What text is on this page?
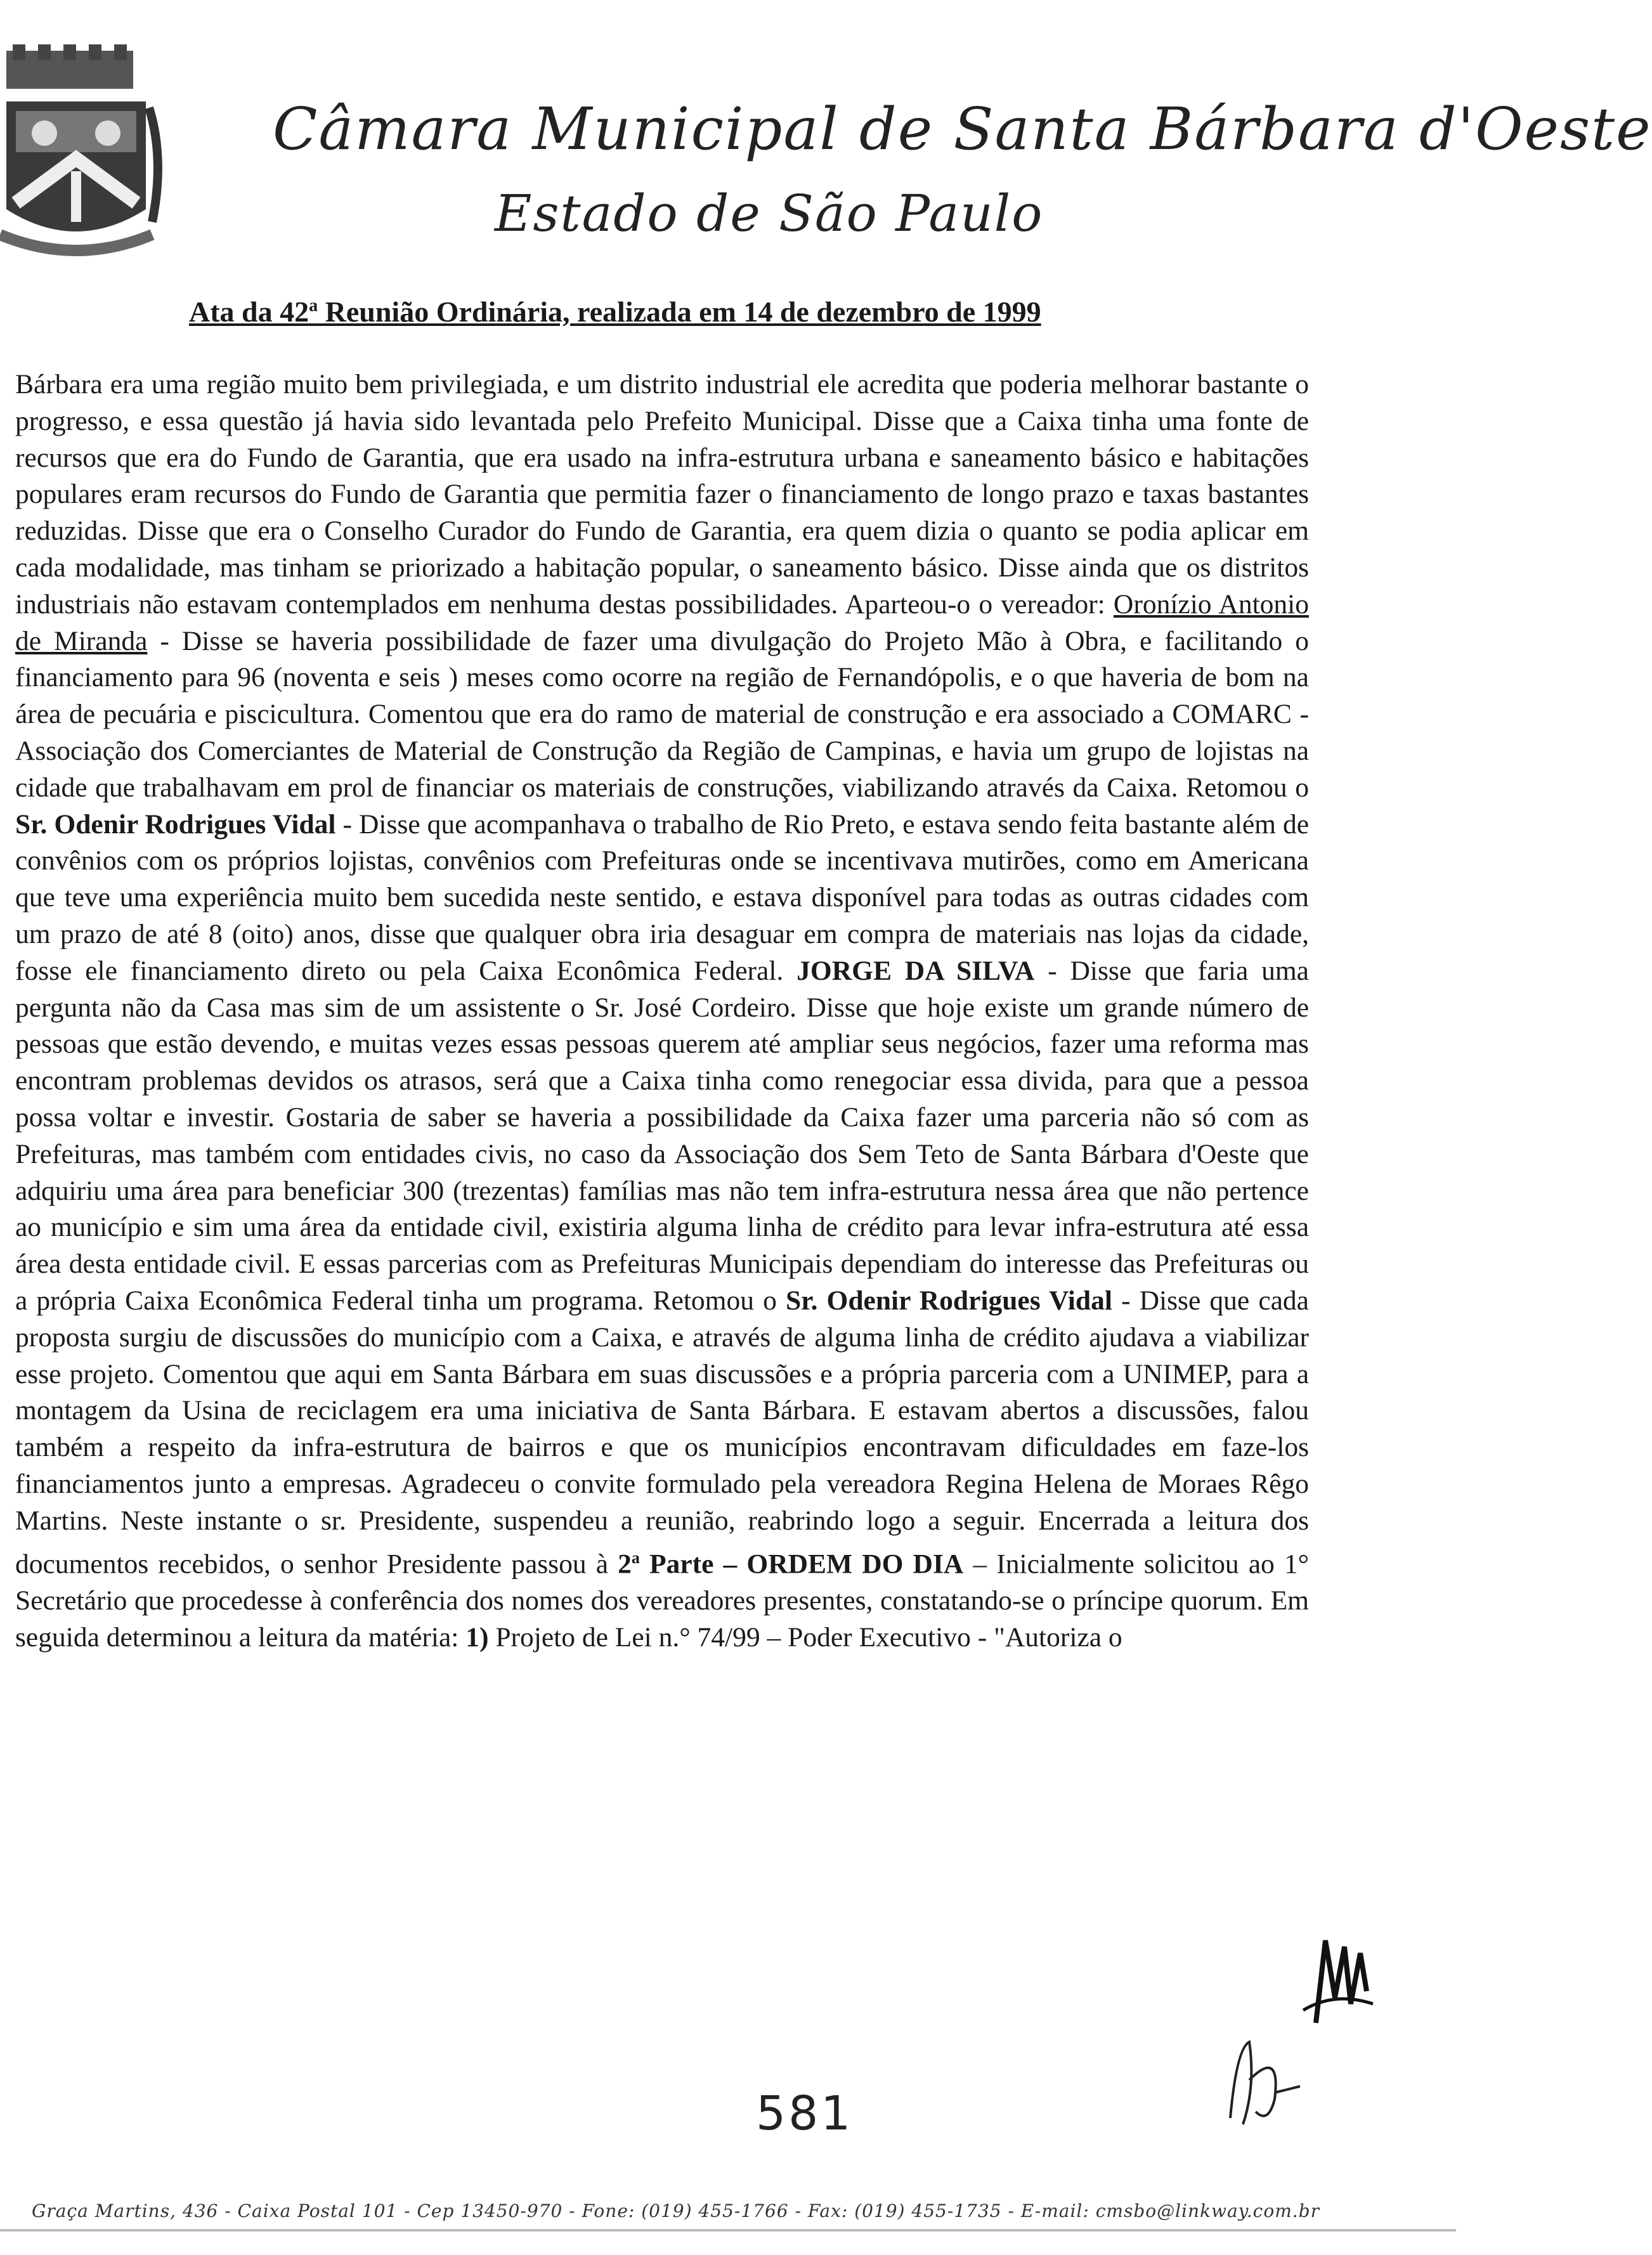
Câmara Municipal de Santa Bárbara d'Oeste
Estado de São Paulo
Ata da 42$^a$ Reunião Ordinária, realizada em 14 de dezembro de 1999

Bárbara era uma região muito bem privilegiada, e um distrito industrial ele acredita que poderia melhorar bastante o progresso, e essa questão já havia sido levantada pelo Prefeito Municipal. Disse que a Caixa tinha uma fonte de recursos que era do Fundo de Garantia, que era usado na infra-estrutura urbana e saneamento básico e habitações populares eram recursos do Fundo de Garantia que permitia fazer o financiamento de longo prazo e taxas bastantes reduzidas. Disse que era o Conselho Curador do Fundo de Garantia, era quem dizia o quanto se podia aplicar em cada modalidade, mas tinham se priorizado a habitação popular, o saneamento básico. Disse ainda que os distritos industriais não estavam contemplados em nenhuma destas possibilidades. Aparteou-o o vereador: Oronízio Antonio de Miranda - Disse se haveria possibilidade de fazer uma divulgação do Projeto Mão à Obra, e facilitando o financiamento para 96 (noventa e seis ) meses como ocorre na região de Fernandópolis, e o que haveria de bom na área de pecuária e piscicultura. Comentou que era do ramo de material de construção e era associado a COMARC - Associação dos Comerciantes de Material de Construção da Região de Campinas, e havia um grupo de lojistas na cidade que trabalhavam em prol de financiar os materiais de construções, viabilizando através da Caixa. Retomou o Sr. Odenir Rodrigues Vidal - Disse que acompanhava o trabalho de Rio Preto, e estava sendo feita bastante além de convênios com os próprios lojistas, convênios com Prefeituras onde se incentivava mutirões, como em Americana que teve uma experiência muito bem sucedida neste sentido, e estava disponível para todas as outras cidades com um prazo de até 8 (oito) anos, disse que qualquer obra iria desaguar em compra de materiais nas lojas da cidade, fosse ele financiamento direto ou pela Caixa Econômica Federal. JORGE DA SILVA - Disse que faria uma pergunta não da Casa mas sim de um assistente o Sr. José Cordeiro. Disse que hoje existe um grande número de pessoas que estão devendo, e muitas vezes essas pessoas querem até ampliar seus negócios, fazer uma reforma mas encontram problemas devidos os atrasos, será que a Caixa tinha como renegociar essa divida, para que a pessoa possa voltar e investir. Gostaria de saber se haveria a possibilidade da Caixa fazer uma parceria não só com as Prefeituras, mas também com entidades civis, no caso da Associação dos Sem Teto de Santa Bárbara d'Oeste que adquiriu uma área para beneficiar 300 (trezentas) famílias mas não tem infra-estrutura nessa área que não pertence ao município e sim uma área da entidade civil, existiria alguma linha de crédito para levar infra-estrutura até essa área desta entidade civil. E essas parcerias com as Prefeituras Municipais dependiam do interesse das Prefeituras ou a própria Caixa Econômica Federal tinha um programa. Retomou o Sr. Odenir Rodrigues Vidal - Disse que cada proposta surgiu de discussões do município com a Caixa, e através de alguma linha de crédito ajudava a viabilizar esse projeto. Comentou que aqui em Santa Bárbara em suas discussões e a própria parceria com a UNIMEP, para a montagem da Usina de reciclagem era uma iniciativa de Santa Bárbara. E estavam abertos a discussões, falou também a respeito da infra-estrutura de bairros e que os municípios encontravam dificuldades em faze-los financiamentos junto a empresas. Agradeceu o convite formulado pela vereadora Regina Helena de Moraes Rêgo Martins. Neste instante o sr. Presidente, suspendeu a reunião, reabrindo logo a seguir. Encerrada a leitura dos documentos recebidos, o senhor Presidente passou à 2$^a$ Parte – ORDEM DO DIA – Inicialmente solicitou ao 1° Secretário que procedesse à conferência dos nomes dos vereadores presentes, constatando-se o príncipe quorum. Em seguida determinou a leitura da matéria: 1) Projeto de Lei n.° 74/99 – Poder Executivo - "Autoriza o

581
Graça Martins, 436 - Caixa Postal 101 - Cep 13450-970 - Fone: (019) 455-1766 - Fax: (019) 455-1735 - E-mail: cmsbo@linkway.com.br
